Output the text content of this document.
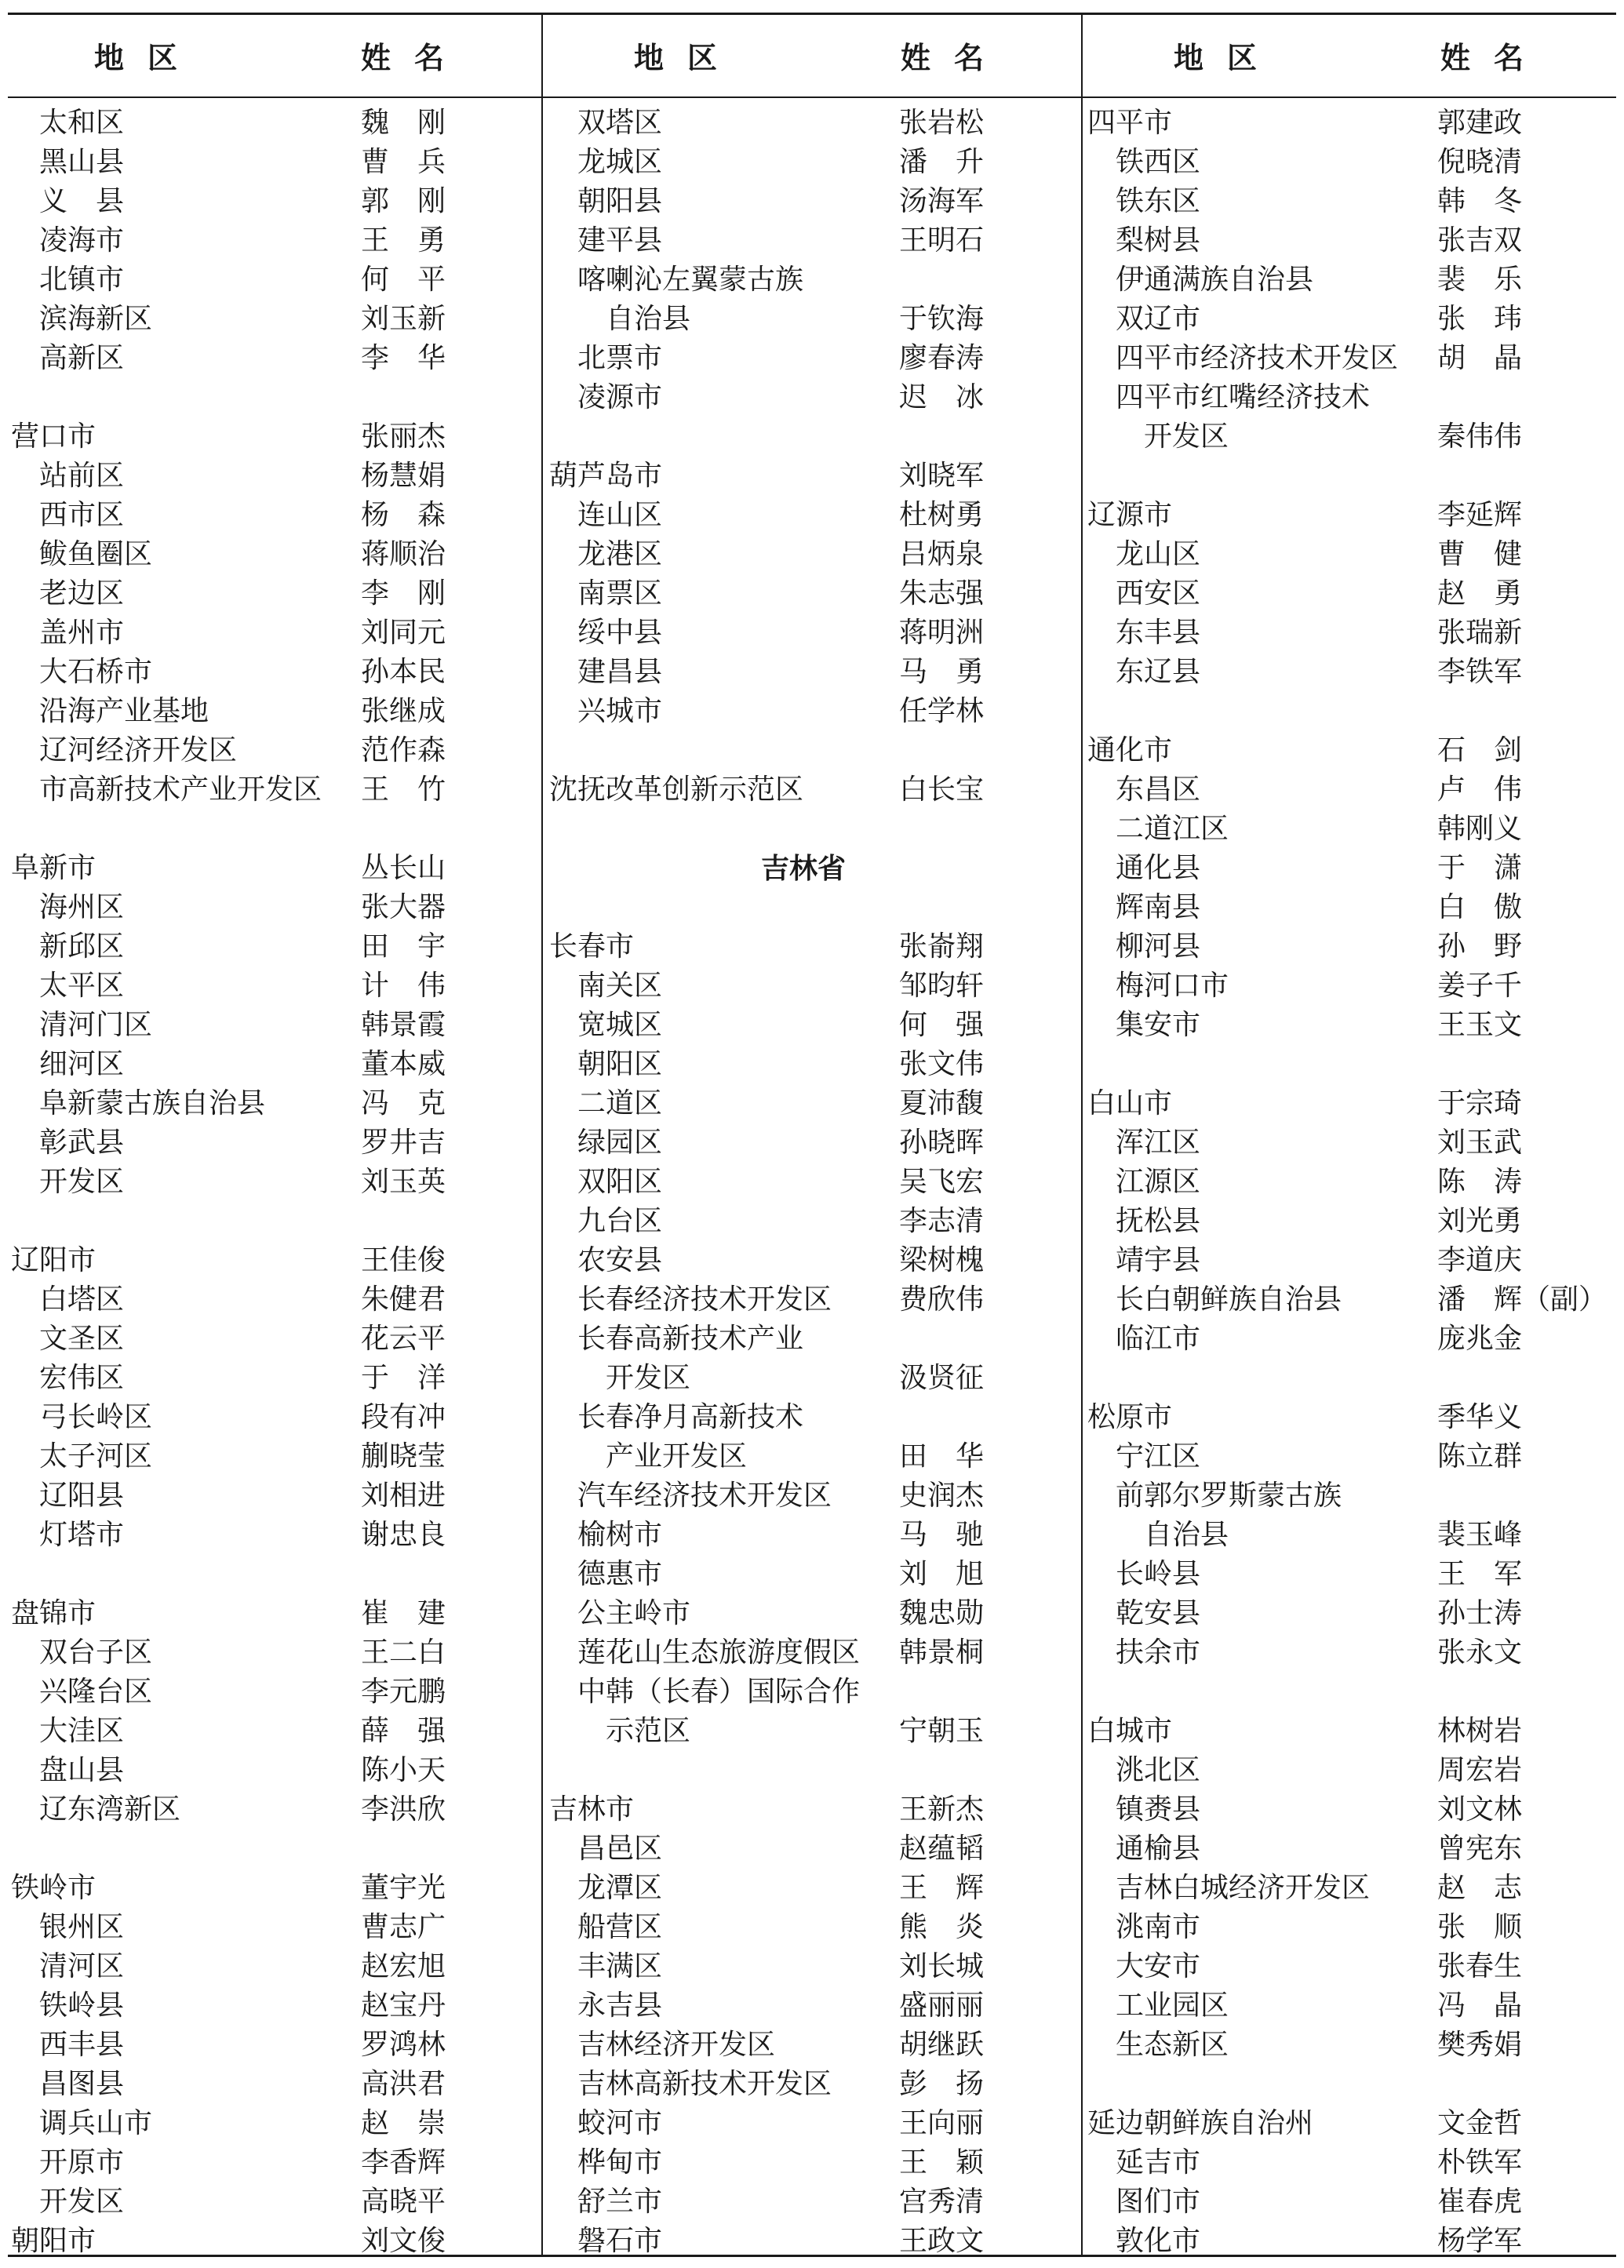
地区	姓名	地区	姓名	地区	姓名
太和区	魏　刚
黑山县	曹　兵
义　县	郭　刚
凌海市	王　勇
北镇市	何　平
滨海新区	刘玉新
高新区	李　华
营口市	张丽杰
站前区	杨慧娟
西市区	杨　森
鲅鱼圈区	蒋顺治
老边区	李　刚
盖州市	刘同元
大石桥市	孙本民
沿海产业基地	张继成
辽河经济开发区	范作森
市高新技术产业开发区 王　竹
阜新市	丛长山
海州区	张大器
新邱区	田　宇
太平区	计　伟
清河门区	韩景霞
细河区	董本威
阜新蒙古族自治县	冯　克
彰武县	罗井吉
开发区	刘玉英
辽阳市	王佳俊
白塔区	朱健君
文圣区	花云平
宏伟区	于　洋
弓长岭区	段有冲
太子河区	蒯晓莹
辽阳县	刘相进
灯塔市	谢忠良
盘锦市	崔　建
双台子区	王二白
兴隆台区	李元鹏
大洼区	薛　强
盘山县	陈小天
辽东湾新区	李洪欣
铁岭市	董宇光
银州区	曹志广
清河区	赵宏旭
铁岭县	赵宝丹
西丰县	罗鸿林
昌图县	高洪君
调兵山市	赵　崇
开原市	李香辉
开发区	高晓平
朝阳市	刘文俊
双塔区	张岩松
龙城区	潘　升
朝阳县	汤海军
建平县	王明石
喀喇沁左翼蒙古族
自治县	于钦海
北票市	廖春涛
凌源市	迟　冰
葫芦岛市	刘晓军
连山区	杜树勇
龙港区	吕炳泉
南票区	朱志强
绥中县	蒋明洲
建昌县	马　勇
兴城市	任学林
沈抚改革创新示范区	白长宝
吉林省
长春市	张嵛翔
南关区	邹昀轩
宽城区	何　强
朝阳区	张文伟
二道区	夏沛馥
绿园区	孙晓晖
双阳区	吴飞宏
九台区	李志清
农安县	梁树槐
长春经济技术开发区 费欣伟
长春高新技术产业
开发区	汲贤征
长春净月高新技术
产业开发区	田　华
汽车经济技术开发区 史润杰
榆树市	马　驰
德惠市	刘　旭
公主岭市	魏忠勋
莲花山生态旅游度假区 韩景桐
中韩（长春）国际合作
示范区	宁朝玉
吉林市	王新杰
昌邑区	赵蕴韬
龙潭区	王　辉
船营区	熊　炎
丰满区	刘长城
永吉县	盛丽丽
吉林经济开发区	胡继跃
吉林高新技术开发区 彭　扬
蛟河市	王向丽
桦甸市	王　颖
舒兰市	宫秀清
磐石市	王政文
四平市	郭建政
铁西区	倪晓清
铁东区	韩　冬
梨树县	张吉双
伊通满族自治县	裴　乐
双辽市	张　玮
四平市经济技术开发区 胡　晶
四平市红嘴经济技术
开发区	秦伟伟
辽源市	李延辉
龙山区	曹　健
西安区	赵　勇
东丰县	张瑞新
东辽县	李铁军
通化市	石　剑
东昌区	卢　伟
二道江区	韩刚义
通化县	于　潇
辉南县	白　傲
柳河县	孙　野
梅河口市	姜子千
集安市	王玉文
白山市	于宗琦
浑江区	刘玉武
江源区	陈　涛
抚松县	刘光勇
靖宇县	李道庆
长白朝鲜族自治县	潘　辉（副）
临江市	庞兆金
松原市	季华义
宁江区	陈立群
前郭尔罗斯蒙古族
自治县	裴玉峰
长岭县	王　军
乾安县	孙士涛
扶余市	张永文
白城市	林树岩
洮北区	周宏岩
镇赉县	刘文林
通榆县	曾宪东
吉林白城经济开发区 赵　志
洮南市	张　顺
大安市	张春生
工业园区	冯　晶
生态新区	樊秀娟
延边朝鲜族自治州	文金哲
延吉市	朴铁军
图们市	崔春虎
敦化市	杨学军
